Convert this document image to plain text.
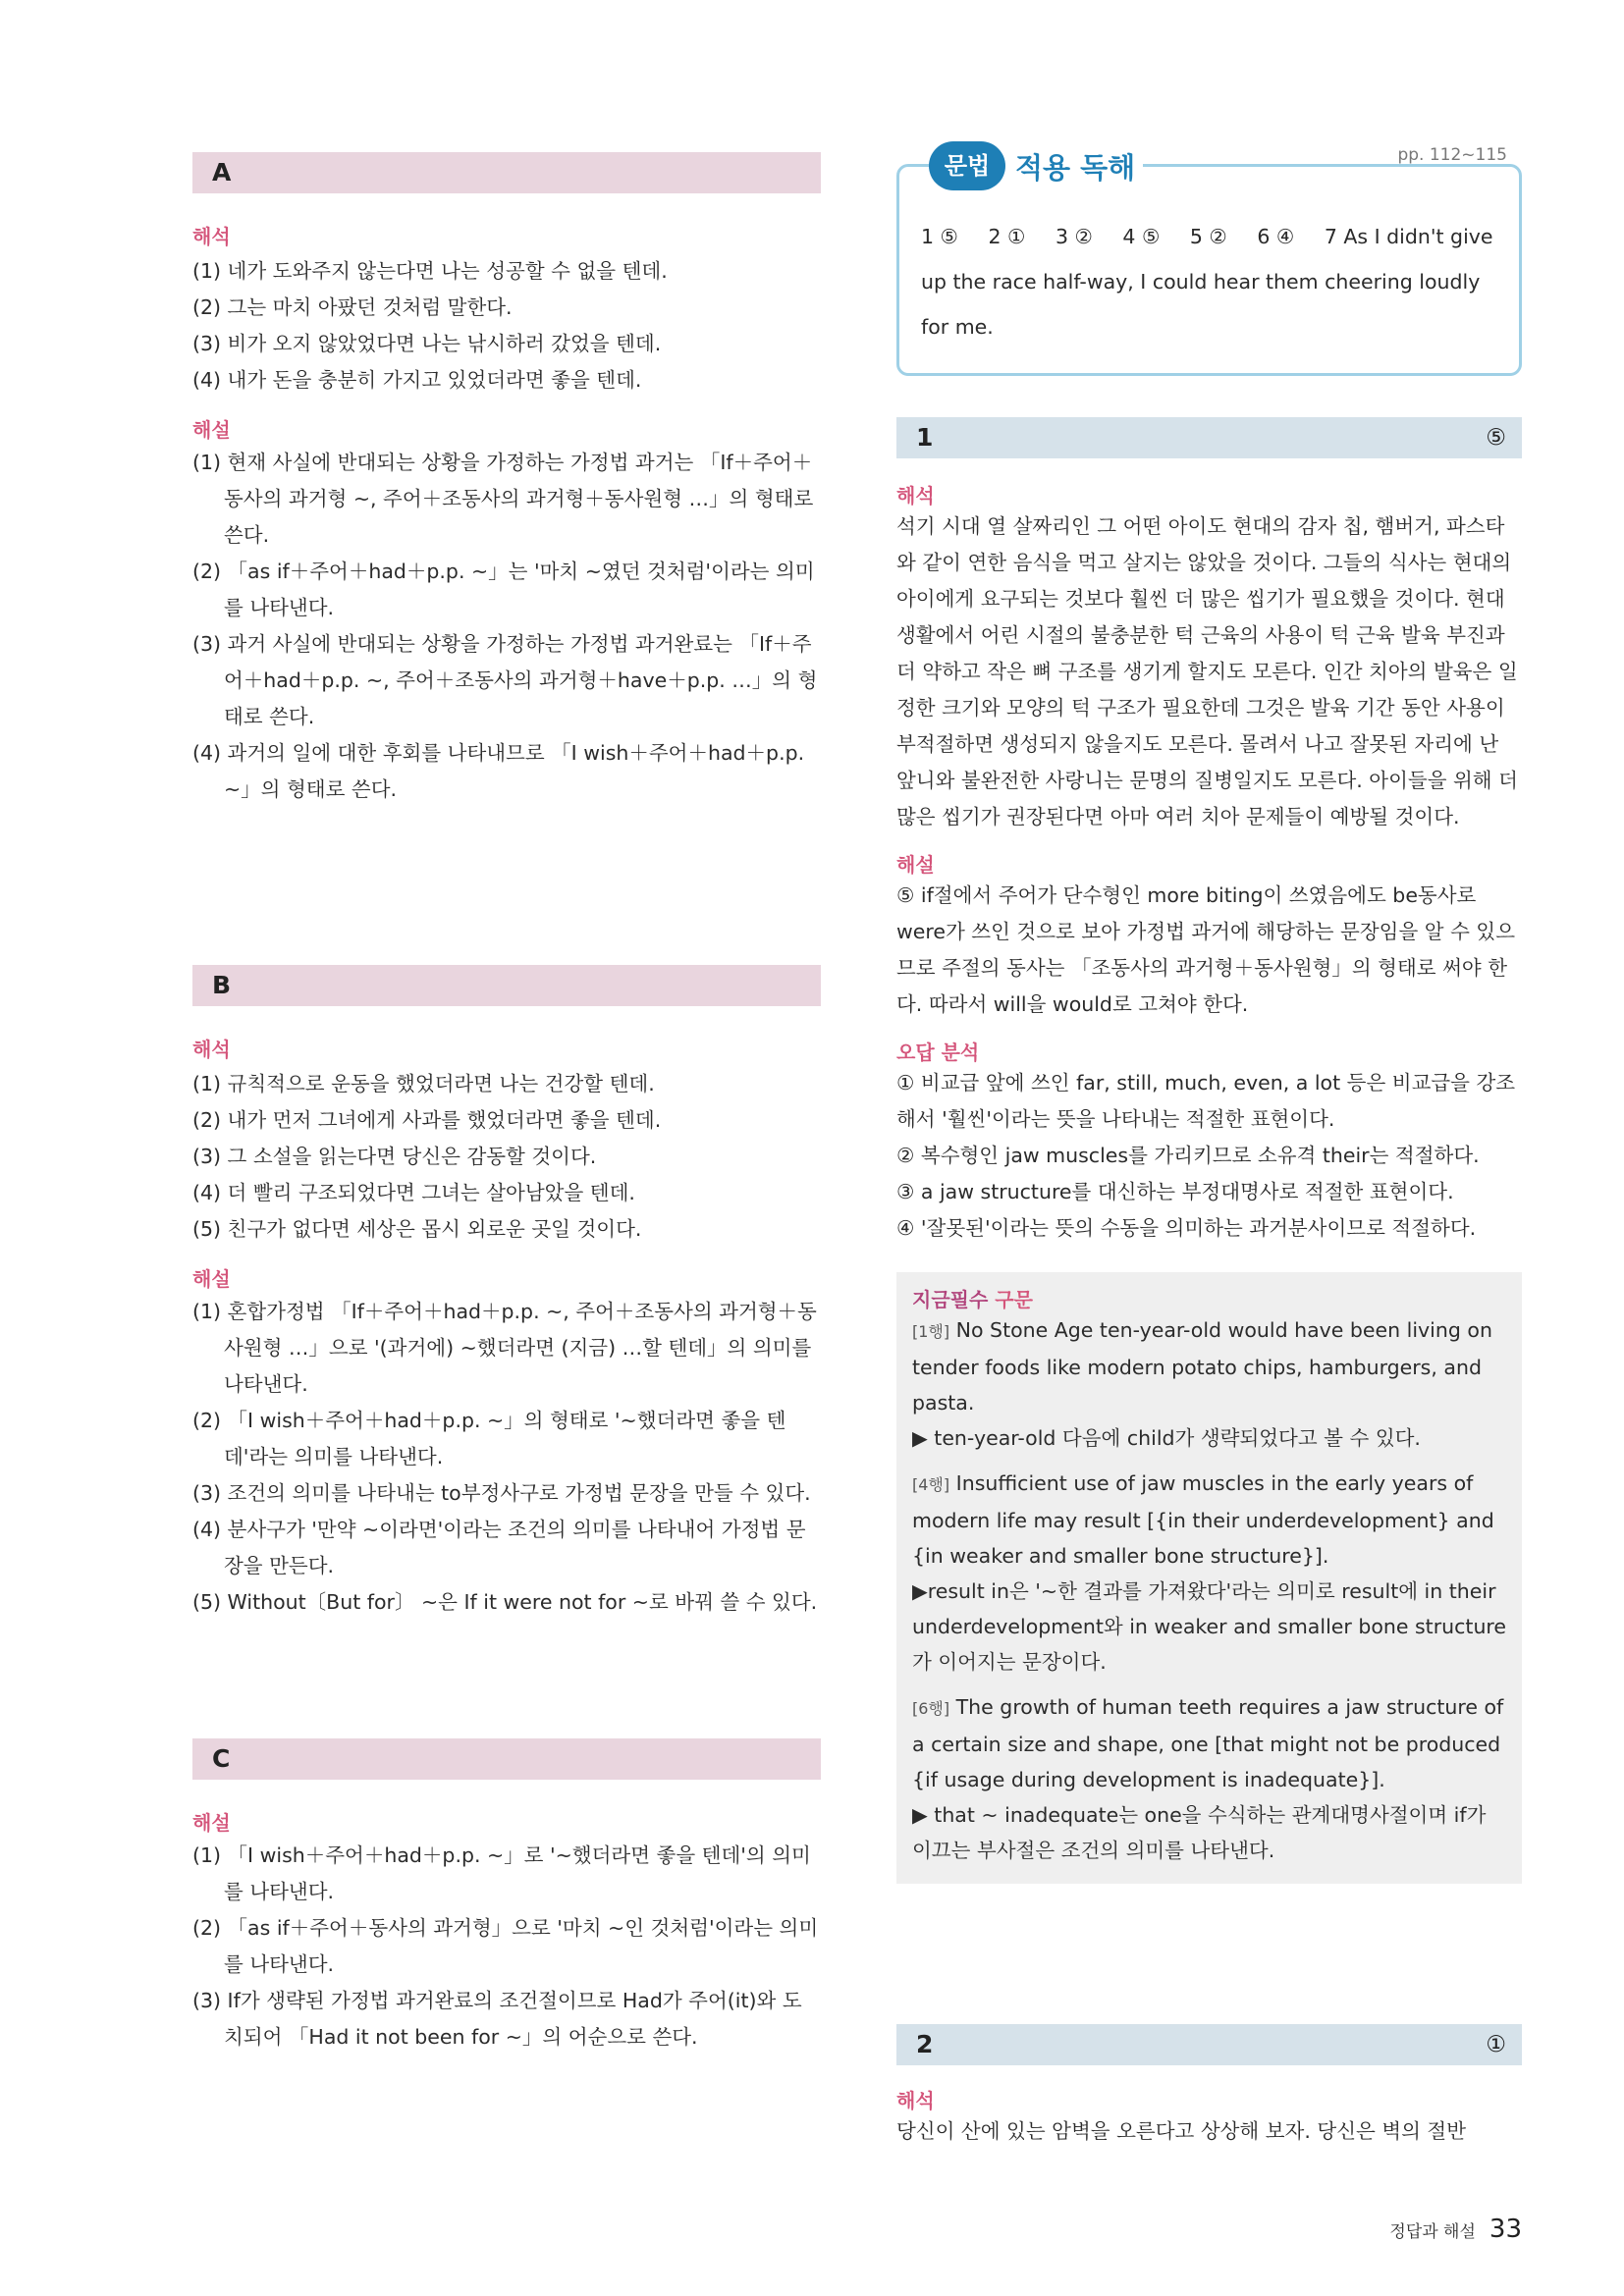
A

해석

(1) 네가 도와주지 않는다면 나는 성공할 수 없을 텐데.

(2) 그는 마치 아팠던 것처럼 말한다.

(3) 비가 오지 않았었다면 나는 낚시하러 갔었을 텐데.

(4) 내가 돈을 충분히 가지고 있었더라면 좋을 텐데.

해설

(1) 현재 사실에 반대되는 상황을 가정하는 가정법 과거는 「If＋주어＋동사의 과거형 ~, 주어＋조동사의 과거형＋동사원형 …」의 형태로 쓴다.

(2) 「as if＋주어＋had＋p.p. ~」는 '마치 ~였던 것처럼'이라는 의미를 나타낸다.

(3) 과거 사실에 반대되는 상황을 가정하는 가정법 과거완료는 「If＋주어＋had＋p.p. ~, 주어＋조동사의 과거형＋have＋p.p. …」의 형태로 쓴다.

(4) 과거의 일에 대한 후회를 나타내므로 「I wish＋주어＋had＋p.p. ~」의 형태로 쓴다.

B

해석

(1) 규칙적으로 운동을 했었더라면 나는 건강할 텐데.

(2) 내가 먼저 그녀에게 사과를 했었더라면 좋을 텐데.

(3) 그 소설을 읽는다면 당신은 감동할 것이다.

(4) 더 빨리 구조되었다면 그녀는 살아남았을 텐데.

(5) 친구가 없다면 세상은 몹시 외로운 곳일 것이다.

해설

(1) 혼합가정법 「If＋주어＋had＋p.p. ~, 주어＋조동사의 과거형＋동사원형 …」으로 '(과거에) ~했더라면 (지금) …할 텐데」의 의미를 나타낸다.

(2) 「I wish＋주어＋had＋p.p. ~」의 형태로 '~했더라면 좋을 텐데'라는 의미를 나타낸다.

(3) 조건의 의미를 나타내는 to부정사구로 가정법 문장을 만들 수 있다.

(4) 분사구가 '만약 ~이라면'이라는 조건의 의미를 나타내어 가정법 문장을 만든다.

(5) Without〔But for〕 ~은 If it were not for ~로 바꿔 쓸 수 있다.

C

해설

(1) 「I wish＋주어＋had＋p.p. ~」로 '~했더라면 좋을 텐데'의 의미를 나타낸다.

(2) 「as if＋주어＋동사의 과거형」으로 '마치 ~인 것처럼'이라는 의미를 나타낸다.

(3) If가 생략된 가정법 과거완료의 조건절이므로 Had가 주어(it)와 도치되어 「Had it not been for ~」의 어순으로 쓴다.

문법 적용 독해	pp. 112~115
1 ⑤ 2 ① 3 ② 4 ⑤ 5 ② 6 ④ 7 As I didn't give up the race half-way, I could hear them cheering loudly for me.
1	⑤

해석

석기 시대 열 살짜리인 그 어떤 아이도 현대의 감자 칩, 햄버거, 파스타와 같이 연한 음식을 먹고 살지는 않았을 것이다. 그들의 식사는 현대의 아이에게 요구되는 것보다 훨씬 더 많은 씹기가 필요했을 것이다. 현대 생활에서 어린 시절의 불충분한 턱 근육의 사용이 턱 근육 발육 부진과 더 약하고 작은 뼈 구조를 생기게 할지도 모른다. 인간 치아의 발육은 일정한 크기와 모양의 턱 구조가 필요한데 그것은 발육 기간 동안 사용이 부적절하면 생성되지 않을지도 모른다. 몰려서 나고 잘못된 자리에 난 앞니와 불완전한 사랑니는 문명의 질병일지도 모른다. 아이들을 위해 더 많은 씹기가 권장된다면 아마 여러 치아 문제들이 예방될 것이다.

해설

⑤ if절에서 주어가 단수형인 more biting이 쓰였음에도 be동사로 were가 쓰인 것으로 보아 가정법 과거에 해당하는 문장임을 알 수 있으므로 주절의 동사는 「조동사의 과거형＋동사원형」의 형태로 써야 한다. 따라서 will을 would로 고쳐야 한다.

오답 분석

① 비교급 앞에 쓰인 far, still, much, even, a lot 등은 비교급을 강조해서 '훨씬'이라는 뜻을 나타내는 적절한 표현이다.

② 복수형인 jaw muscles를 가리키므로 소유격 their는 적절하다.

③ a jaw structure를 대신하는 부정대명사로 적절한 표현이다.

④ '잘못된'이라는 뜻의 수동을 의미하는 과거분사이므로 적절하다.

지금필수 구문

[1행] No Stone Age ten-year-old would have been living on tender foods like modern potato chips, hamburgers, and pasta.

▶ ten-year-old 다음에 child가 생략되었다고 볼 수 있다.

[4행] Insufficient use of jaw muscles in the early years of modern life may result [{in their underdevelopment} and {in weaker and smaller bone structure}].

▶result in은 '~한 결과를 가져왔다'라는 의미로 result에 in their underdevelopment와 in weaker and smaller bone structure가 이어지는 문장이다.

[6행] The growth of human teeth requires a jaw structure of a certain size and shape, one [that might not be produced {if usage during development is inadequate}].

▶ that ~ inadequate는 one을 수식하는 관계대명사절이며 if가 이끄는 부사절은 조건의 의미를 나타낸다.

2	①

해석

당신이 산에 있는 암벽을 오른다고 상상해 보자. 당신은 벽의 절반

정답과 해설 33
